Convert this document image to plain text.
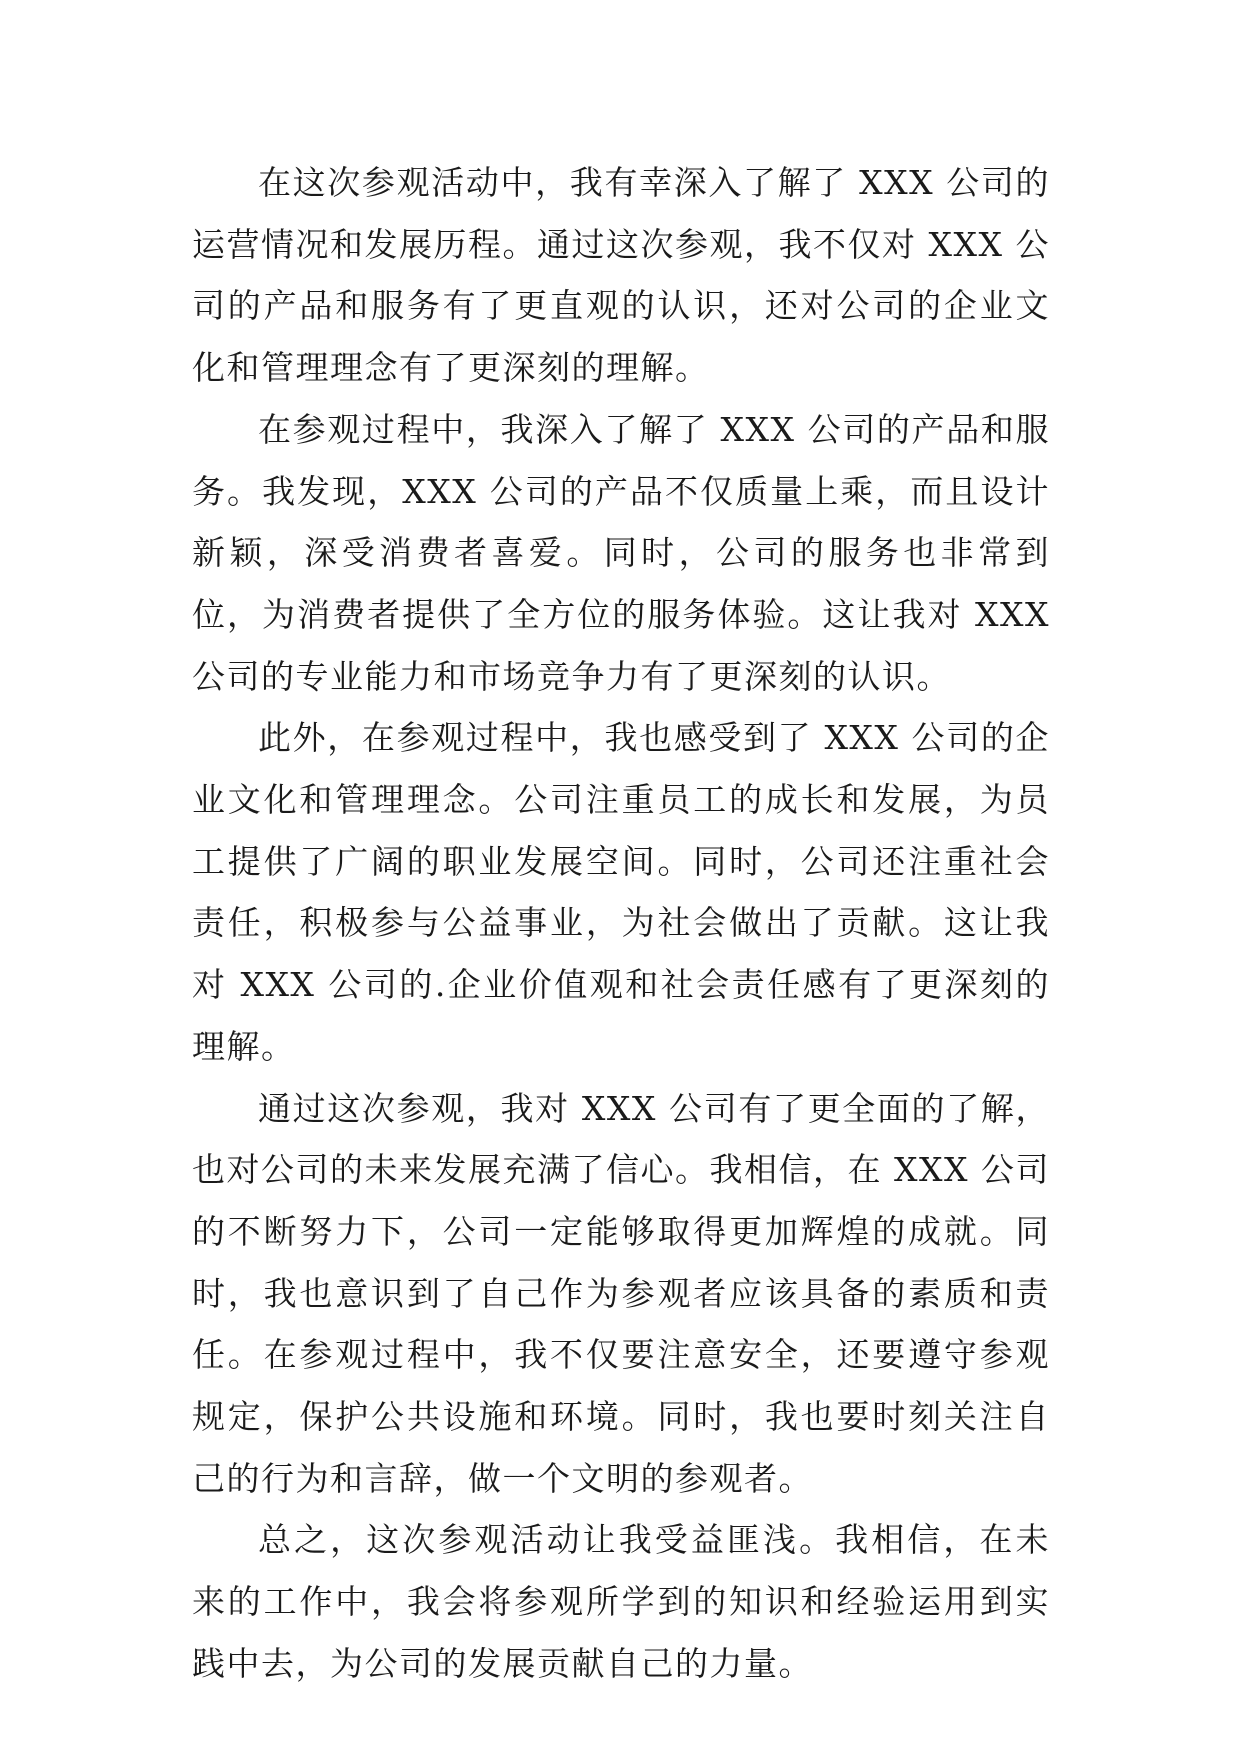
在这次参观活动中，我有幸深入了解了 XXX 公司的运营情况和发展历程。通过这次参观，我不仅对 XXX 公司的产品和服务有了更直观的认识，还对公司的企业文化和管理理念有了更深刻的理解。

在参观过程中，我深入了解了 XXX 公司的产品和服务。我发现，XXX 公司的产品不仅质量上乘，而且设计新颖，深受消费者喜爱。同时，公司的服务也非常到位，为消费者提供了全方位的服务体验。这让我对 XXX 公司的专业能力和市场竞争力有了更深刻的认识。

此外，在参观过程中，我也感受到了 XXX 公司的企业文化和管理理念。公司注重员工的成长和发展，为员工提供了广阔的职业发展空间。同时，公司还注重社会责任，积极参与公益事业，为社会做出了贡献。这让我对 XXX 公司的.企业价值观和社会责任感有了更深刻的理解。

通过这次参观，我对 XXX 公司有了更全面的了解，也对公司的未来发展充满了信心。我相信，在 XXX 公司的不断努力下，公司一定能够取得更加辉煌的成就。同时，我也意识到了自己作为参观者应该具备的素质和责任。在参观过程中，我不仅要注意安全，还要遵守参观规定，保护公共设施和环境。同时，我也要时刻关注自己的行为和言辞，做一个文明的参观者。

总之，这次参观活动让我受益匪浅。我相信，在未来的工作中，我会将参观所学到的知识和经验运用到实践中去，为公司的发展贡献自己的力量。
